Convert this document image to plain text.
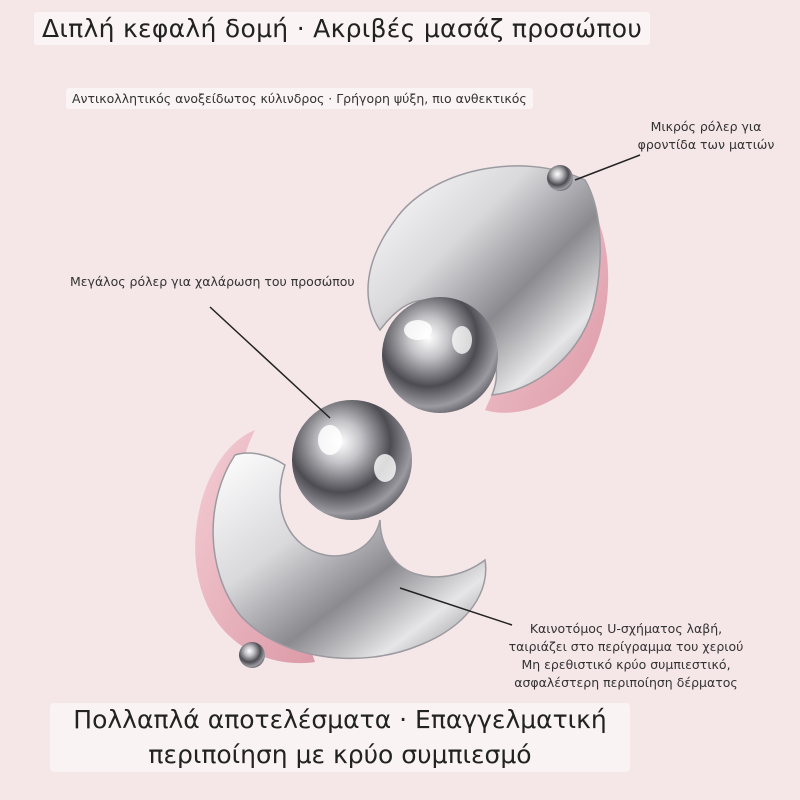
Διπλή κεφαλή δομή · Ακριβές μασάζ προσώπου
Αντικολλητικός ανοξείδωτος κύλινδρος · Γρήγορη ψύξη, πιο ανθεκτικός
Μικρός ρόλερ για
φροντίδα των ματιών
Μεγάλος ρόλερ για χαλάρωση του προσώπου
Καινοτόμος U-σχήματος λαβή,
ταιριάζει στο περίγραμμα του χεριού
Μη ερεθιστικό κρύο συμπιεστικό,
ασφαλέστερη περιποίηση δέρματος
Πολλαπλά αποτελέσματα · Επαγγελματική
περιποίηση με κρύο συμπιεσμό
